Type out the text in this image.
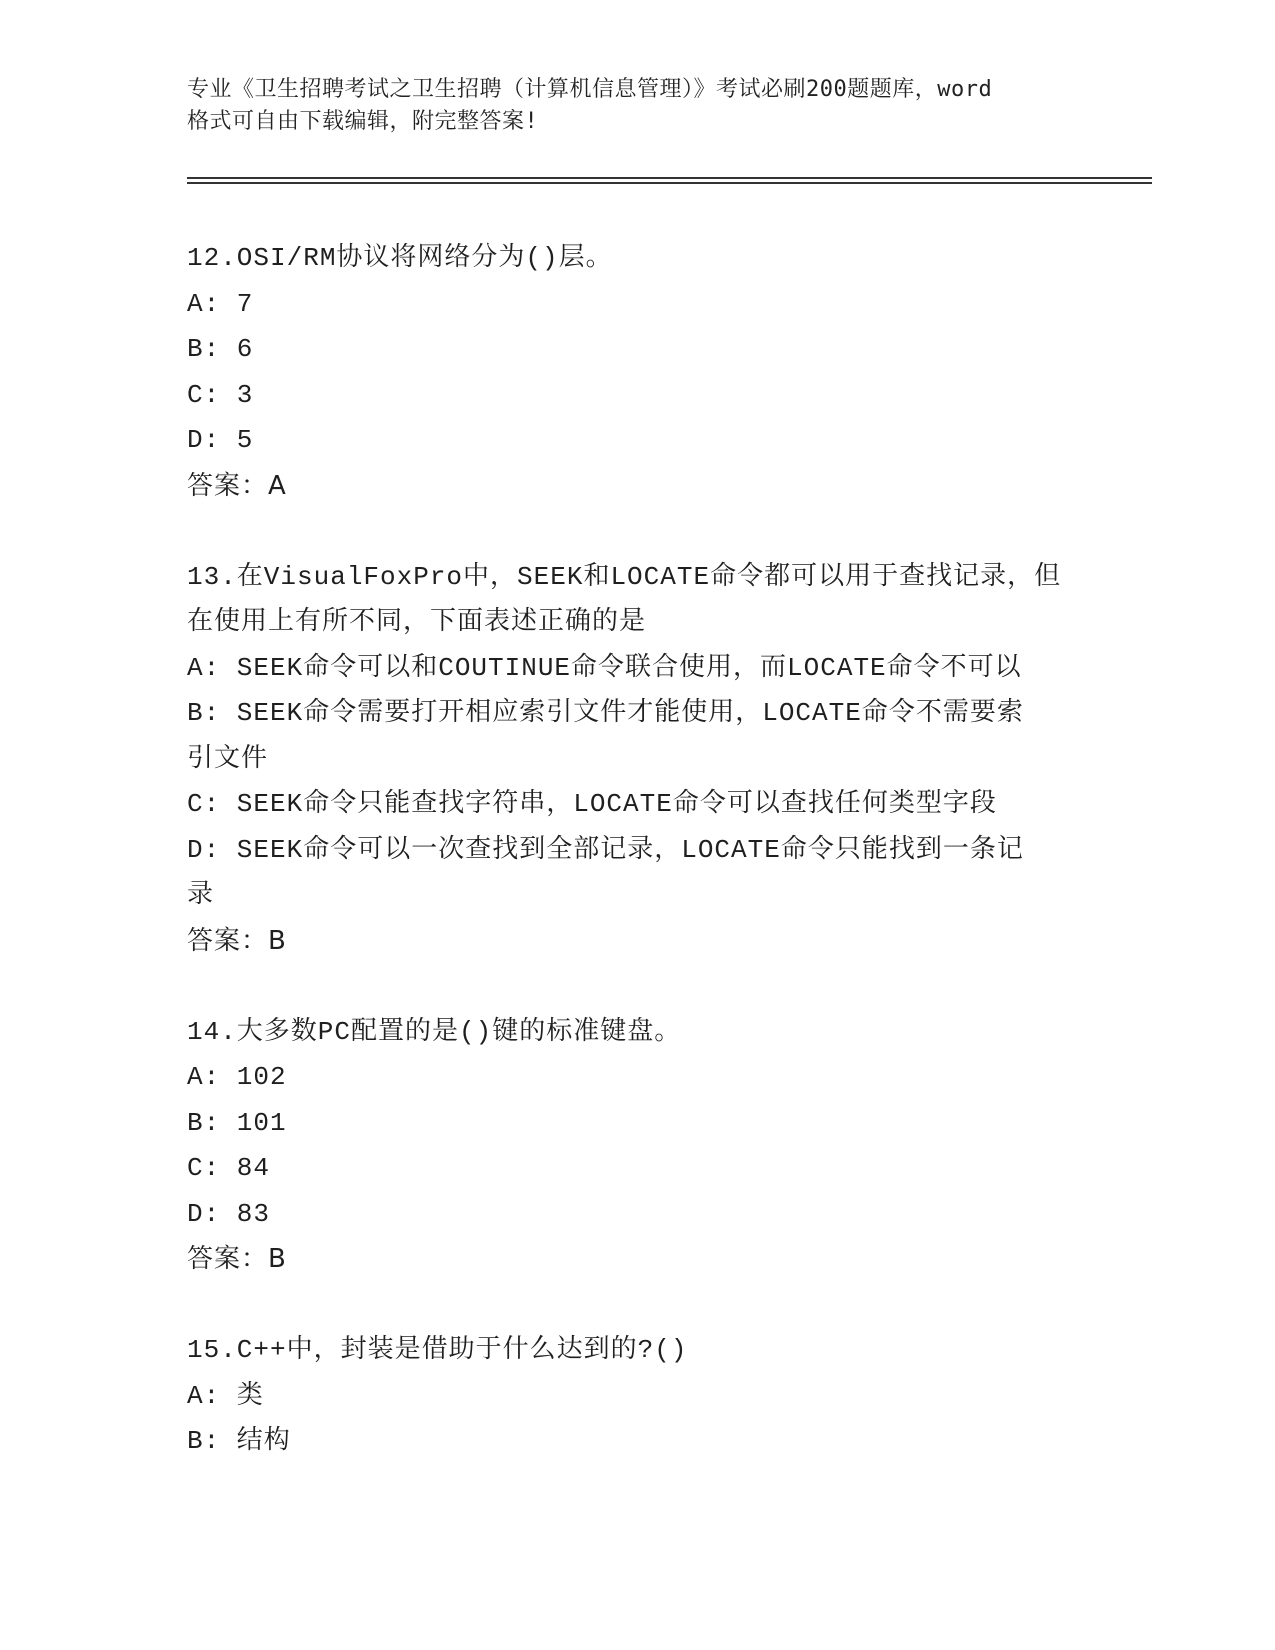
专业《卫生招聘考试之卫生招聘（计算机信息管理）》考试必刷200题题库，word
格式可自由下载编辑，附完整答案!
12.OSI/RM协议将网络分为()层。
A: 7
B: 6
C: 3
D: 5
答案：A
13.在VisualFoxPro中，SEEK和LOCATE命令都可以用于查找记录，但
在使用上有所不同，下面表述正确的是
A: SEEK命令可以和COUTINUE命令联合使用，而LOCATE命令不可以
B: SEEK命令需要打开相应索引文件才能使用，LOCATE命令不需要索
引文件
C: SEEK命令只能查找字符串，LOCATE命令可以查找任何类型字段
D: SEEK命令可以一次查找到全部记录，LOCATE命令只能找到一条记
录
答案：B
14.大多数PC配置的是()键的标准键盘。
A: 102
B: 101
C: 84
D: 83
答案：B
15.C++中，封装是借助于什么达到的?()
A: 类
B: 结构
